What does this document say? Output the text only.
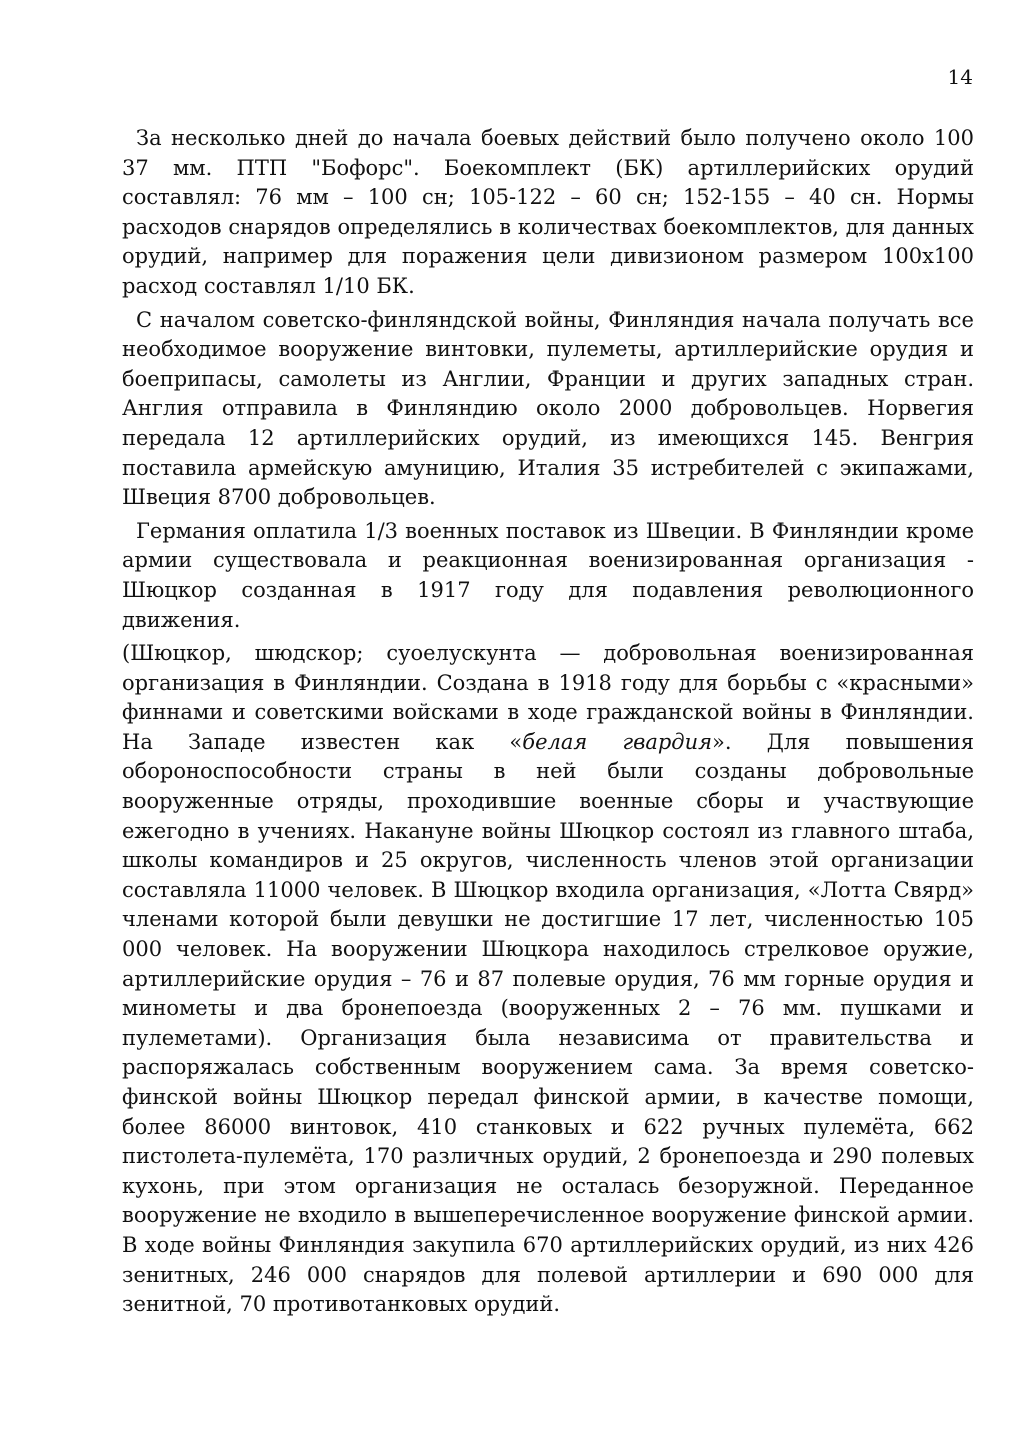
14

За несколько дней до начала боевых действий было получено около 100 37 мм. ПТП "Бофорс". Боекомплект (БК) артиллерийских орудий составлял: 76 мм – 100 сн; 105-122 – 60 сн; 152-155 – 40 сн. Нормы расходов снарядов определялись в количествах боекомплектов, для данных орудий, например для поражения цели дивизионом размером 100х100 расход составлял 1/10 БК.

С началом советско-финляндской войны, Финляндия начала получать все необходимое вооружение винтовки, пулеметы, артиллерийские орудия и боеприпасы, самолеты из Англии, Франции и других западных стран. Англия отправила в Финляндию около 2000 добровольцев. Норвегия передала 12 артиллерийских орудий, из имеющихся 145. Венгрия поставила армейскую амуницию, Италия 35 истребителей с экипажами, Швеция 8700 добровольцев.

Германия оплатила 1/3 военных поставок из Швеции. В Финляндии кроме армии существовала и реакционная военизированная организация - Шюцкор созданная в 1917 году для подавления революционного движения.

(Шюцкор, шюдскор; суоелускунта — добровольная военизированная организация в Финляндии. Создана в 1918 году для борьбы с «красными» финнами и советскими войсками в ходе гражданской войны в Финляндии. На Западе известен как «белая гвардия». Для повышения обороноспособности страны в ней были созданы добровольные вооруженные отряды, проходившие военные сборы и участвующие ежегодно в учениях. Накануне войны Шюцкор состоял из главного штаба, школы командиров и 25 округов, численность членов этой организации составляла 11000 человек. В Шюцкор входила организация, «Лотта Свярд» членами которой были девушки не достигшие 17 лет, численностью 105 000 человек. На вооружении Шюцкора находилось стрелковое оружие, артиллерийские орудия – 76 и 87 полевые орудия, 76 мм горные орудия и минометы и два бронепоезда (вооруженных 2 – 76 мм. пушками и пулеметами). Организация была независима от правительства и распоряжалась собственным вооружением сама. За время советско-финской войны Шюцкор передал финской армии, в качестве помощи, более 86000 винтовок, 410 станковых и 622 ручных пулемёта, 662 пистолета-пулемёта, 170 различных орудий, 2 бронепоезда и 290 полевых кухонь, при этом организация не осталась безоружной. Переданное вооружение не входило в вышеперечисленное вооружение финской армии. В ходе войны Финляндия закупила 670 артиллерийских орудий, из них 426 зенитных, 246 000 снарядов для полевой артиллерии и 690 000 для зенитной, 70 противотанковых орудий.
